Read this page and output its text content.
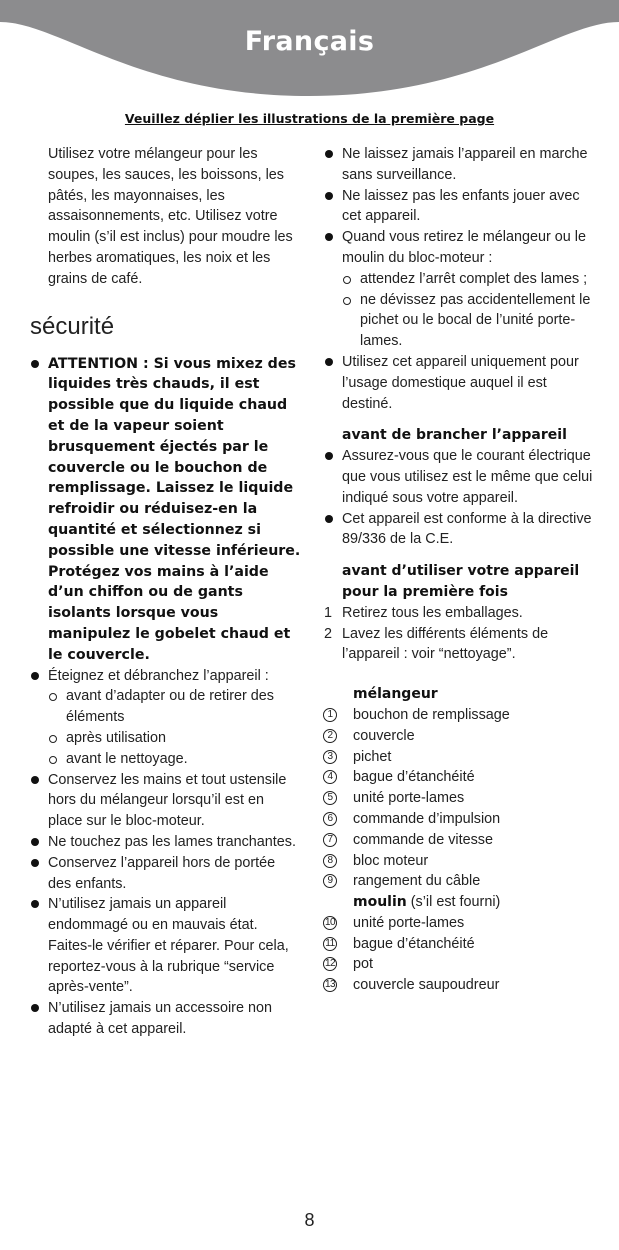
Français
Veuillez déplier les illustrations de la première page

Utilisez votre mélangeur pour les soupes, les sauces, les boissons, les pâtés, les mayonnaises, les assaisonnements, etc. Utilisez votre moulin (s’il est inclus) pour moudre les herbes aromatiques, les noix et les grains de café.

sécurité
ATTENTION : Si vous mixez des liquides très chauds, il est possible que du liquide chaud et de la vapeur soient brusquement éjectés par le couvercle ou le bouchon de remplissage. Laissez le liquide refroidir ou réduisez-en la quantité et sélectionnez si possible une vitesse inférieure. Protégez vos mains à l’aide d’un chiffon ou de gants isolants lorsque vous manipulez le gobelet chaud et le couvercle.
Éteignez et débranchez l’appareil :
avant d’adapter ou de retirer des éléments
après utilisation
avant le nettoyage.
Conservez les mains et tout ustensile hors du mélangeur lorsqu’il est en place sur le bloc-moteur.
Ne touchez pas les lames tranchantes.
Conservez l’appareil hors de portée des enfants.
N’utilisez jamais un appareil endommagé ou en mauvais état. Faites-le vérifier et réparer. Pour cela, reportez-vous à la rubrique “service après-vente”.
N’utilisez jamais un accessoire non adapté à cet appareil.
Ne laissez jamais l’appareil en marche sans surveillance.
Ne laissez pas les enfants jouer avec cet appareil.
Quand vous retirez le mélangeur ou le moulin du bloc-moteur :
attendez l’arrêt complet des lames ;
ne dévissez pas accidentellement le pichet ou le bocal de l’unité porte-lames.
Utilisez cet appareil uniquement pour l’usage domestique auquel il est destiné.
avant de brancher l’appareil
Assurez-vous que le courant électrique que vous utilisez est le même que celui indiqué sous votre appareil.
Cet appareil est conforme à la directive 89/336 de la C.E.
avant d’utiliser votre appareil pour la première fois
1 Retirez tous les emballages.
2 Lavez les différents éléments de l’appareil : voir “nettoyage”.
mélangeur
1	bouchon de remplissage
2	couvercle
3	pichet
4	bague d’étanchéité
5	unité porte-lames
6	commande d’impulsion
7	commande de vitesse
8	bloc moteur
9	rangement du câble
moulin (s’il est fourni)
10 unité porte-lames
11 bague d’étanchéité
12 pot
13 couvercle saupoudreur
8
